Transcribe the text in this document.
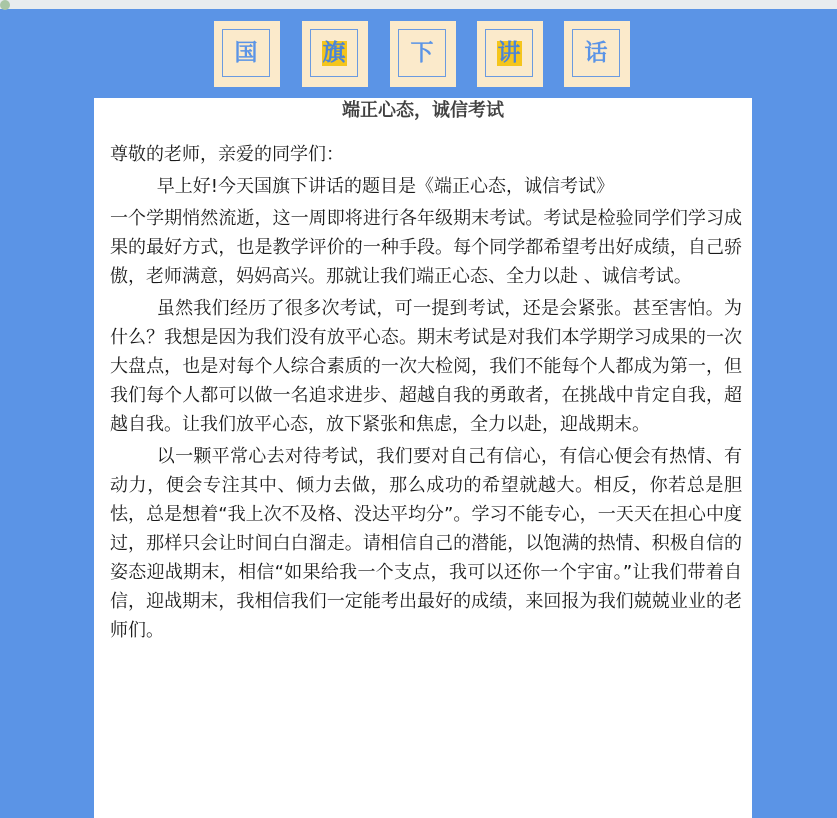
国	旗	下	讲	话
端正心态，诚信考试

尊敬的老师，亲爱的同学们：

早上好!今天国旗下讲话的题目是《端正心态，诚信考试》

一个学期悄然流逝，这一周即将进行各年级期末考试。考试是检验同学们学习成果的最好方式，也是教学评价的一种手段。每个同学都希望考出好成绩，自己骄傲，老师满意，妈妈高兴。那就让我们端正心态、全力以赴 、诚信考试。

虽然我们经历了很多次考试，可一提到考试，还是会紧张。甚至害怕。为什么？我想是因为我们没有放平心态。期末考试是对我们本学期学习成果的一次大盘点，也是对每个人综合素质的一次大检阅，我们不能每个人都成为第一，但我们每个人都可以做一名追求进步、超越自我的勇敢者，在挑战中肯定自我，超越自我。让我们放平心态，放下紧张和焦虑，全力以赴，迎战期末。

以一颗平常心去对待考试，我们要对自己有信心，有信心便会有热情、有动力，便会专注其中、倾力去做，那么成功的希望就越大。相反，你若总是胆怯，总是想着“我上次不及格、没达平均分”。学习不能专心，一天天在担心中度过，那样只会让时间白白溜走。请相信自己的潜能，以饱满的热情、积极自信的姿态迎战期末，相信“如果给我一个支点，我可以还你一个宇宙。”让我们带着自信，迎战期末，我相信我们一定能考出最好的成绩，来回报为我们兢兢业业的老师们。
